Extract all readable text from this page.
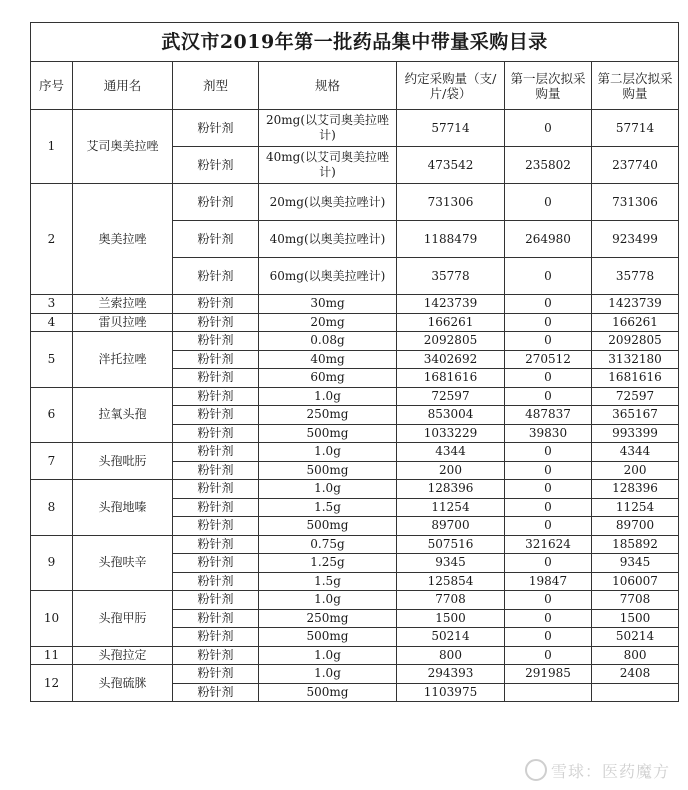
武汉市2019年第一批药品集中带量采购目录						
序号	通用名	剂型	规格	约定采购量（支/片/袋）	第一层次拟采购量	第二层次拟采购量
1	艾司奥美拉唑	粉针剂	20mg(以艾司奥美拉唑计)	57714	0	57714
		粉针剂	40mg(以艾司奥美拉唑计)	473542	235802	237740
2	奥美拉唑	粉针剂	20mg(以奥美拉唑计)	731306	0	731306
		粉针剂	40mg(以奥美拉唑计)	1188479	264980	923499
		粉针剂	60mg(以奥美拉唑计)	35778	0	35778
3	兰索拉唑	粉针剂	30mg	1423739	0	1423739
4	雷贝拉唑	粉针剂	20mg	166261	0	166261
5	泮托拉唑	粉针剂	0.08g	2092805	0	2092805
		粉针剂	40mg	3402692	270512	3132180
		粉针剂	60mg	1681616	0	1681616
6	拉氧头孢	粉针剂	1.0g	72597	0	72597
		粉针剂	250mg	853004	487837	365167
		粉针剂	500mg	1033229	39830	993399
7	头孢吡肟	粉针剂	1.0g	4344	0	4344
		粉针剂	500mg	200	0	200
8	头孢地嗪	粉针剂	1.0g	128396	0	128396
		粉针剂	1.5g	11254	0	11254
		粉针剂	500mg	89700	0	89700
9	头孢呋辛	粉针剂	0.75g	507516	321624	185892
		粉针剂	1.25g	9345	0	9345
		粉针剂	1.5g	125854	19847	106007
10	头孢甲肟	粉针剂	1.0g	7708	0	7708
		粉针剂	250mg	1500	0	1500
		粉针剂	500mg	50214	0	50214
11	头孢拉定	粉针剂	1.0g	800	0	800
12	头孢硫脒	粉针剂	1.0g	294393	291985	2408
		粉针剂	500mg	1103975		
雪球：医药魔方
